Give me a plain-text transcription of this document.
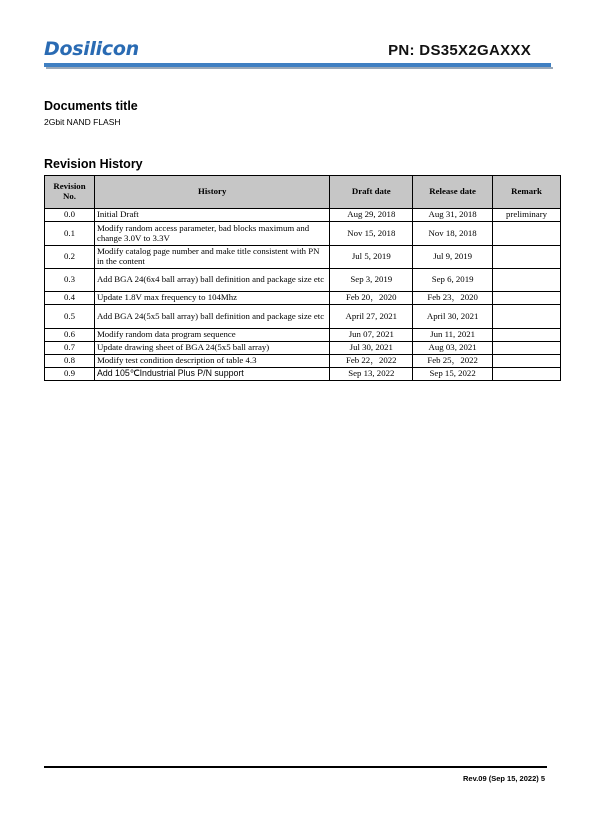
Dosilicon	PN: DS35X2GAXXX
Documents title
2Gbit NAND FLASH
Revision History
Revision No.	History	Draft date	Release date	Remark
0.0	Initial Draft	Aug 29, 2018	Aug 31, 2018	preliminary
0.1	Modify random access parameter, bad blocks maximum and change 3.0V to 3.3V	Nov 15, 2018	Nov 18, 2018	
0.2	Modify catalog page number and make title consistent with PN in the content	Jul 5, 2019	Jul 9, 2019	
0.3	Add BGA 24(6x4 ball array) ball definition and package size etc	Sep 3, 2019	Sep 6, 2019	
0.4	Update 1.8V max frequency to 104Mhz	Feb 20，2020	Feb 23，2020	
0.5	Add BGA 24(5x5 ball array) ball definition and package size etc	April 27, 2021	April 30, 2021	
0.6	Modify random data program sequence	Jun 07, 2021	Jun 11, 2021	
0.7	Update drawing sheet of BGA 24(5x5 ball array)	Jul 30, 2021	Aug 03, 2021	
0.8	Modify test condition description of table 4.3	Feb 22，2022	Feb 25，2022	
0.9	Add 105℃Industrial Plus P/N support	Sep 13, 2022	Sep 15, 2022	
Rev.09 (Sep 15, 2022) 5
